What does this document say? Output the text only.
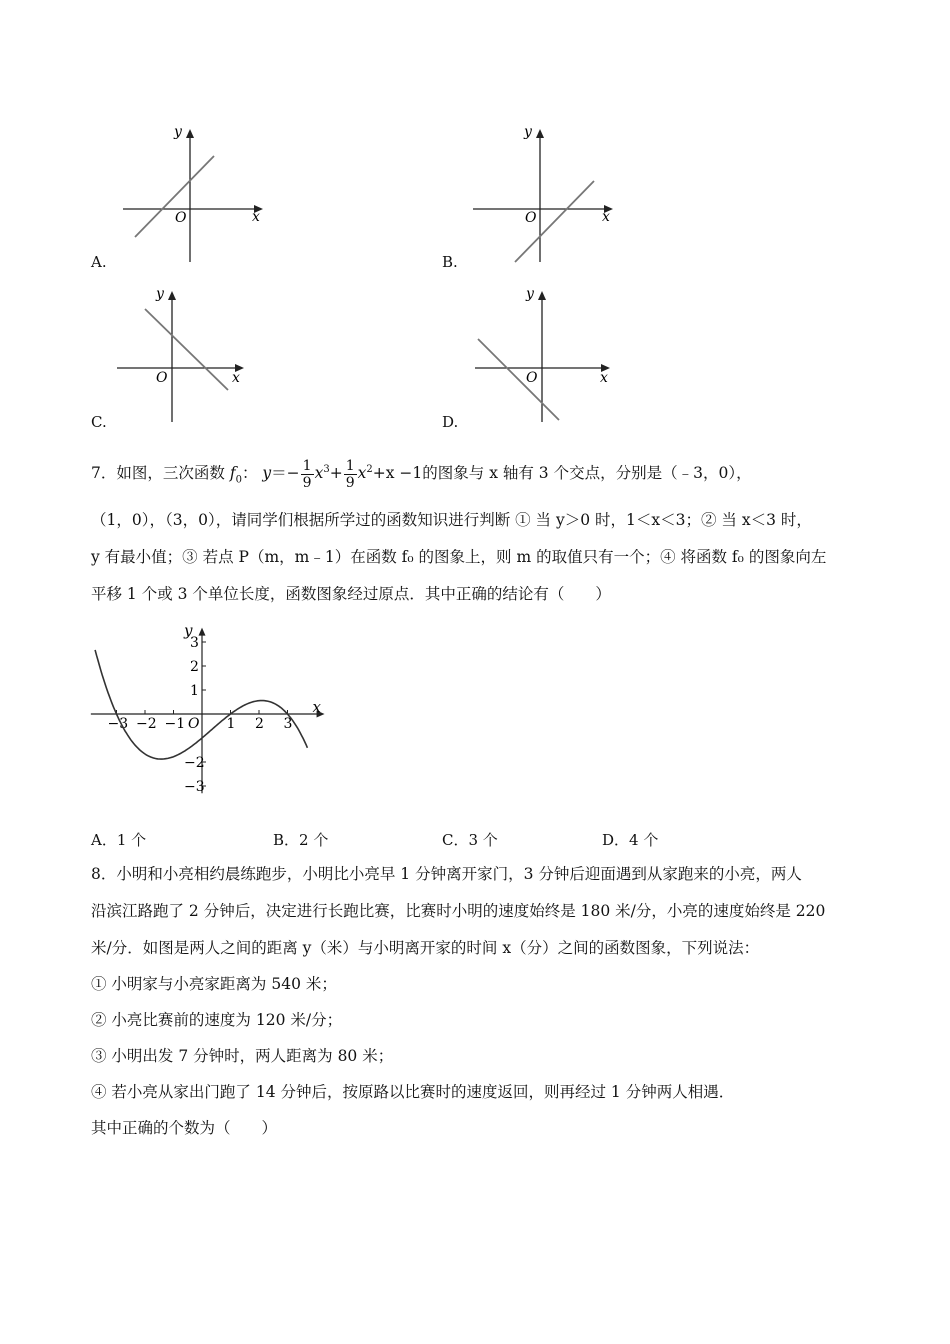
y
x
O
A.
y
x
O
B.
y
x
O
C.
y
x
O
D.
7．如图，三次函数 $f_0$： $y=- \frac{1}{9} x^3+ \frac{1}{9} x^2+x -1$的图象与 x 轴有 3 个交点，分别是（﹣3，0），
（1，0），（3，0），请同学们根据所学过的函数知识进行判断 ① 当 y＞0 时，1＜x＜3；② 当 x＜3 时，
y 有最小值；③ 若点 P（m，m﹣1）在函数 f₀ 的图象上，则 m 的取值只有一个；④ 将函数 f₀ 的图象向左
平移 1 个或 3 个单位长度，函数图象经过原点．其中正确的结论有（　　）
−3 −2 −1	1 2 3
3
2
1
−2
−3
x
y
O
A．1 个	B．2 个	C．3 个	D．4 个
8．小明和小亮相约晨练跑步，小明比小亮早 1 分钟离开家门，3 分钟后迎面遇到从家跑来的小亮，两人
沿滨江路跑了 2 分钟后，决定进行长跑比赛，比赛时小明的速度始终是 180 米/分，小亮的速度始终是 220
米/分．如图是两人之间的距离 y（米）与小明离开家的时间 x（分）之间的函数图象，下列说法：
① 小明家与小亮家距离为 540 米；
② 小亮比赛前的速度为 120 米/分；
③ 小明出发 7 分钟时，两人距离为 80 米；
④ 若小亮从家出门跑了 14 分钟后，按原路以比赛时的速度返回，则再经过 1 分钟两人相遇．
其中正确的个数为（　　）
